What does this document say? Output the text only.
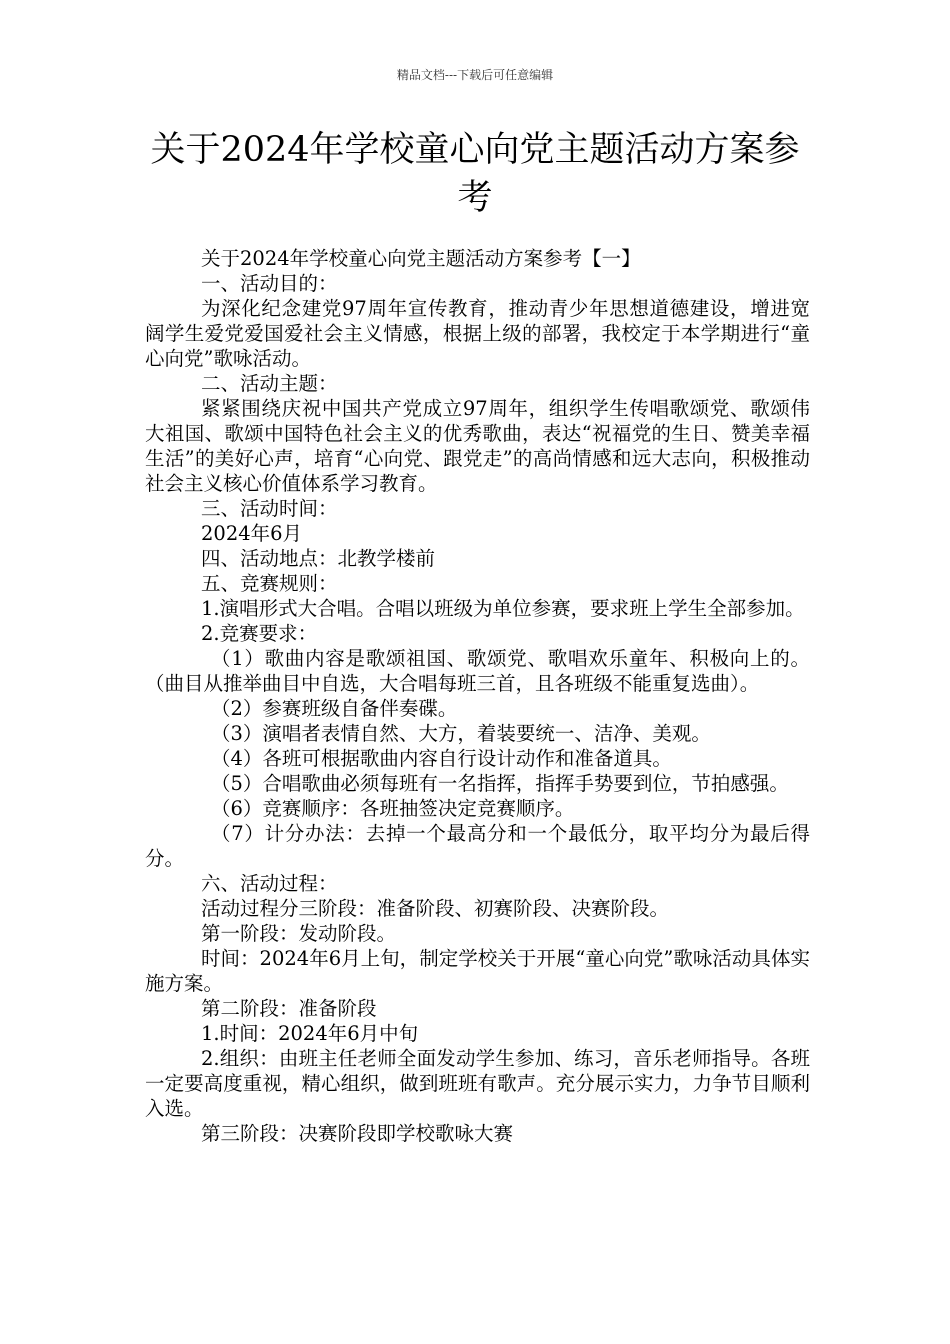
精品文档---下载后可任意编辑
关于2024年学校童心向党主题活动方案参考

关于2024年学校童心向党主题活动方案参考【一】

一、活动目的：

为深化纪念建党97周年宣传教育，推动青少年思想道德建设，增进宽阔学生爱党爱国爱社会主义情感，根据上级的部署，我校定于本学期进行“童心向党”歌咏活动。

二、活动主题：

紧紧围绕庆祝中国共产党成立97周年，组织学生传唱歌颂党、歌颂伟大祖国、歌颂中国特色社会主义的优秀歌曲，表达“祝福党的生日、赞美幸福生活”的美好心声，培育“心向党、跟党走”的高尚情感和远大志向，积极推动社会主义核心价值体系学习教育。

三、活动时间：

2024年6月

四、活动地点：北教学楼前

五、竞赛规则：

1.演唱形式大合唱。合唱以班级为单位参赛，要求班上学生全部参加。

2.竞赛要求：

（1）歌曲内容是歌颂祖国、歌颂党、歌唱欢乐童年、积极向上的。（曲目从推举曲目中自选，大合唱每班三首，且各班级不能重复选曲）。

（2）参赛班级自备伴奏碟。

（3）演唱者表情自然、大方，着装要统一、洁净、美观。

（4）各班可根据歌曲内容自行设计动作和准备道具。

（5）合唱歌曲必须每班有一名指挥，指挥手势要到位，节拍感强。

（6）竞赛顺序：各班抽签决定竞赛顺序。

（7）计分办法：去掉一个最高分和一个最低分，取平均分为最后得分。

六、活动过程：

活动过程分三阶段：准备阶段、初赛阶段、决赛阶段。

第一阶段：发动阶段。

时间：2024年6月上旬，制定学校关于开展“童心向党”歌咏活动具体实施方案。

第二阶段：准备阶段

1.时间：2024年6月中旬

2.组织：由班主任老师全面发动学生参加、练习，音乐老师指导。各班一定要高度重视，精心组织，做到班班有歌声。充分展示实力，力争节目顺利入选。

第三阶段：决赛阶段即学校歌咏大赛
